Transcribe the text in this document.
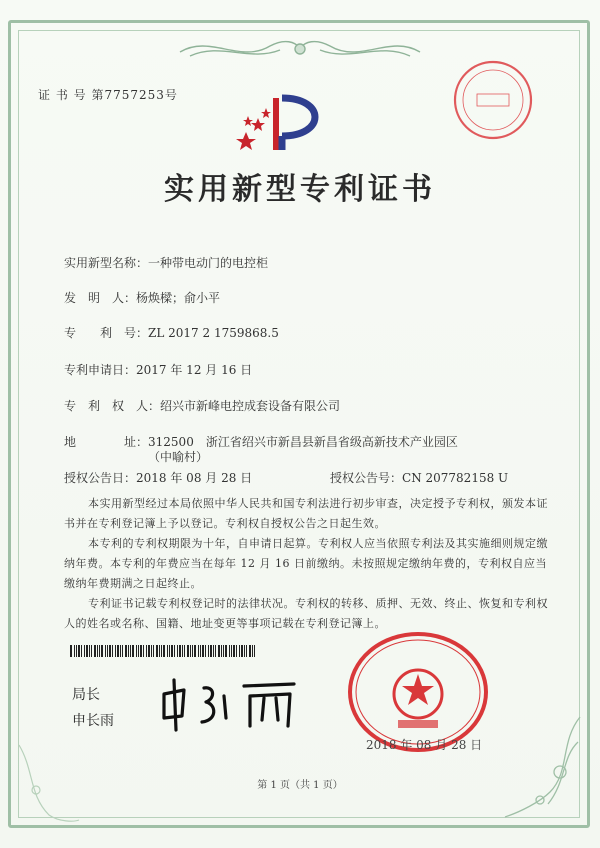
证 书 号 第7757253号
实用新型专利证书
实用新型名称：一种带电动门的电控柜
发　明　人：杨焕樑；俞小平
专　　利　号：ZL 2017 2 1759868.5
专利申请日：2017 年 12 月 16 日
专　利　权　人：绍兴市新峰电控成套设备有限公司
地　　　　址：312500　浙江省绍兴市新昌县新昌省级高新技术产业园区
（中喻村）
授权公告日：2018 年 08 月 28 日	授权公告号：CN 207782158 U
本实用新型经过本局依照中华人民共和国专利法进行初步审查，决定授予专利权，颁发本证书并在专利登记簿上予以登记。专利权自授权公告之日起生效。
本专利的专利权期限为十年，自申请日起算。专利权人应当依照专利法及其实施细则规定缴纳年费。本专利的年费应当在每年 12 月 16 日前缴纳。未按照规定缴纳年费的，专利权自应当缴纳年费期满之日起终止。
专利证书记载专利权登记时的法律状况。专利权的转移、质押、无效、终止、恢复和专利权人的姓名或名称、国籍、地址变更等事项记载在专利登记簿上。
局长
申长雨
2018 年 08 月 28 日
第 1 页（共 1 页）
